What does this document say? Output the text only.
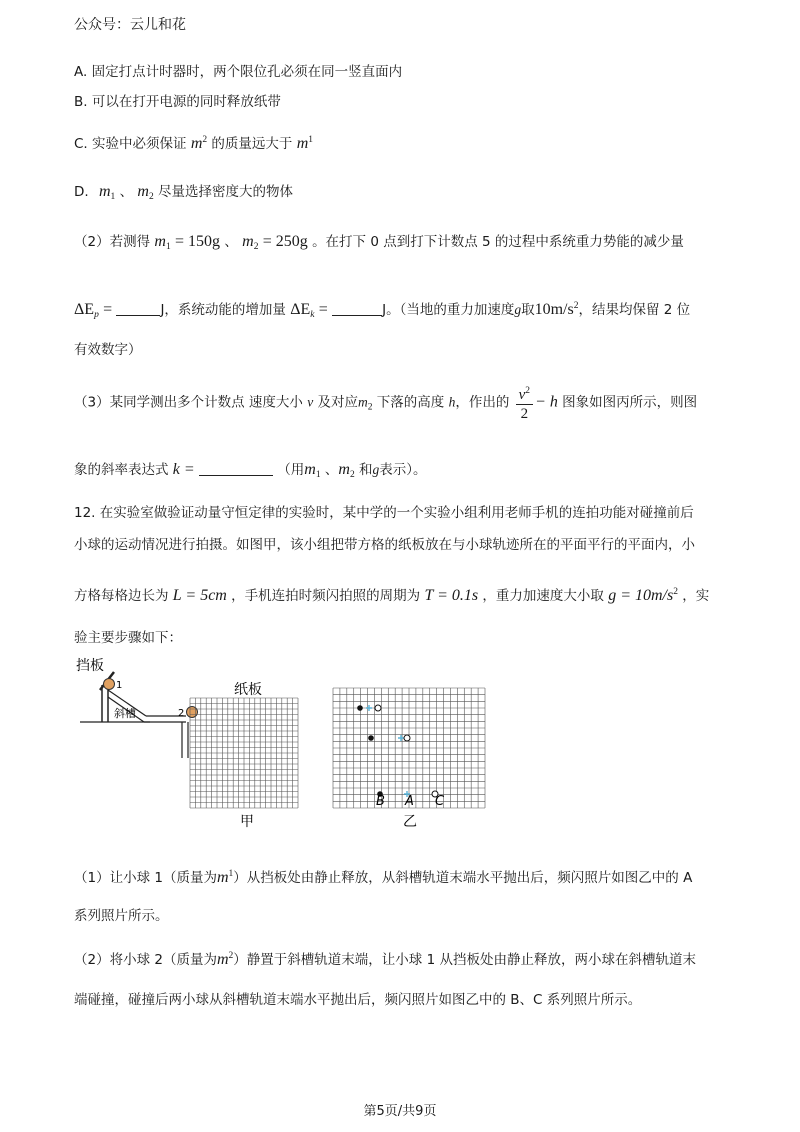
公众号：云儿和花
A. 固定打点计时器时，两个限位孔必须在同一竖直面内
B. 可以在打开电源的同时释放纸带
C. 实验中必须保证 $m^2$ 的质量远大于 $m^1$
D. $m_1$ 、 $m_2$ 尽量选择密度大的物体
（2）若测得 $m_1 = 150g$ 、 $m_2 = 250g$ 。在打下 0 点到打下计数点 5 的过程中系统重力势能的减少量
$\Delta E_p$ =	J，系统动能的增加量 $\Delta E_k$ =	J。（当地的重力加速度g取$10m/s^2$，结果均保留 2 位
有效数字）
（3）某同学测出多个计数点 速度大小 v 及对应$m_2$ 下落的高度 h，作出的 $\frac{v^2}{2} - h$ 图象如图丙所示，则图
象的斜率表达式 k =	（用$m_1$ 、$m_2$ 和g表示）。
12. 在实验室做验证动量守恒定律的实验时，某中学的一个实验小组利用老师手机的连拍功能对碰撞前后
小球的运动情况进行拍摄。如图甲，该小组把带方格的纸板放在与小球轨迹所在的平面平行的平面内，小
方格每格边长为 L = 5cm ，手机连拍时频闪拍照的周期为 T = 0.1s ，重力加速度大小取 $g = 10m/s^2$ ，实
验主要步骤如下：
挡板
1
斜槽	2
纸板
甲
B A C
乙
（1）让小球 1（质量为$m^1$）从挡板处由静止释放，从斜槽轨道末端水平抛出后，频闪照片如图乙中的 A
系列照片所示。
（2）将小球 2（质量为$m^2$）静置于斜槽轨道末端，让小球 1 从挡板处由静止释放，两小球在斜槽轨道末
端碰撞，碰撞后两小球从斜槽轨道末端水平抛出后，频闪照片如图乙中的 B、C 系列照片所示。
第5页/共9页
